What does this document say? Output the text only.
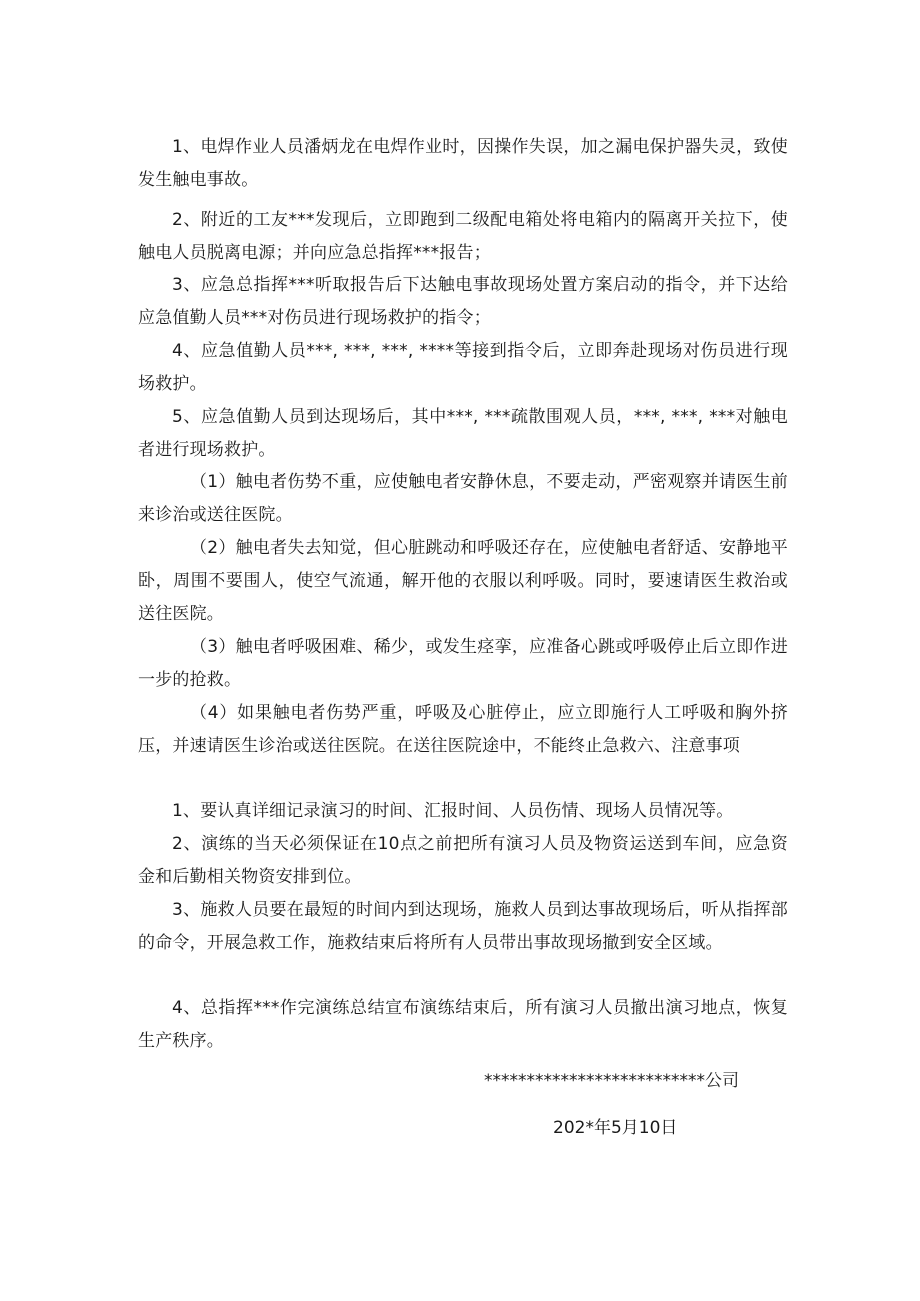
1、电焊作业人员潘炳龙在电焊作业时，因操作失误，加之漏电保护器失灵，致使发生触电事故。

2、附近的工友***发现后，立即跑到二级配电箱处将电箱内的隔离开关拉下，使触电人员脱离电源；并向应急总指挥***报告；

3、应急总指挥***听取报告后下达触电事故现场处置方案启动的指令，并下达给应急值勤人员***对伤员进行现场救护的指令；

4、应急值勤人员***, ***, ***, ****等接到指令后，立即奔赴现场对伤员进行现场救护。

5、应急值勤人员到达现场后，其中***, ***疏散围观人员，***, ***, ***对触电者进行现场救护。

（1）触电者伤势不重，应使触电者安静休息，不要走动，严密观察并请医生前来诊治或送往医院。

（2）触电者失去知觉，但心脏跳动和呼吸还存在，应使触电者舒适、安静地平卧，周围不要围人，使空气流通，解开他的衣服以利呼吸。同时，要速请医生救治或送往医院。

（3）触电者呼吸困难、稀少，或发生痉挛，应准备心跳或呼吸停止后立即作进一步的抢救。

（4）如果触电者伤势严重，呼吸及心脏停止，应立即施行人工呼吸和胸外挤压，并速请医生诊治或送往医院。在送往医院途中，不能终止急救六、注意事项

1、要认真详细记录演习的时间、汇报时间、人员伤情、现场人员情况等。

2、演练的当天必须保证在10点之前把所有演习人员及物资运送到车间，应急资金和后勤相关物资安排到位。

3、施救人员要在最短的时间内到达现场，施救人员到达事故现场后，听从指挥部的命令，开展急救工作，施救结束后将所有人员带出事故现场撤到安全区域。

4、总指挥***作完演练总结宣布演练结束后，所有演习人员撤出演习地点，恢复生产秩序。

**************************公司
202*年5月10日
